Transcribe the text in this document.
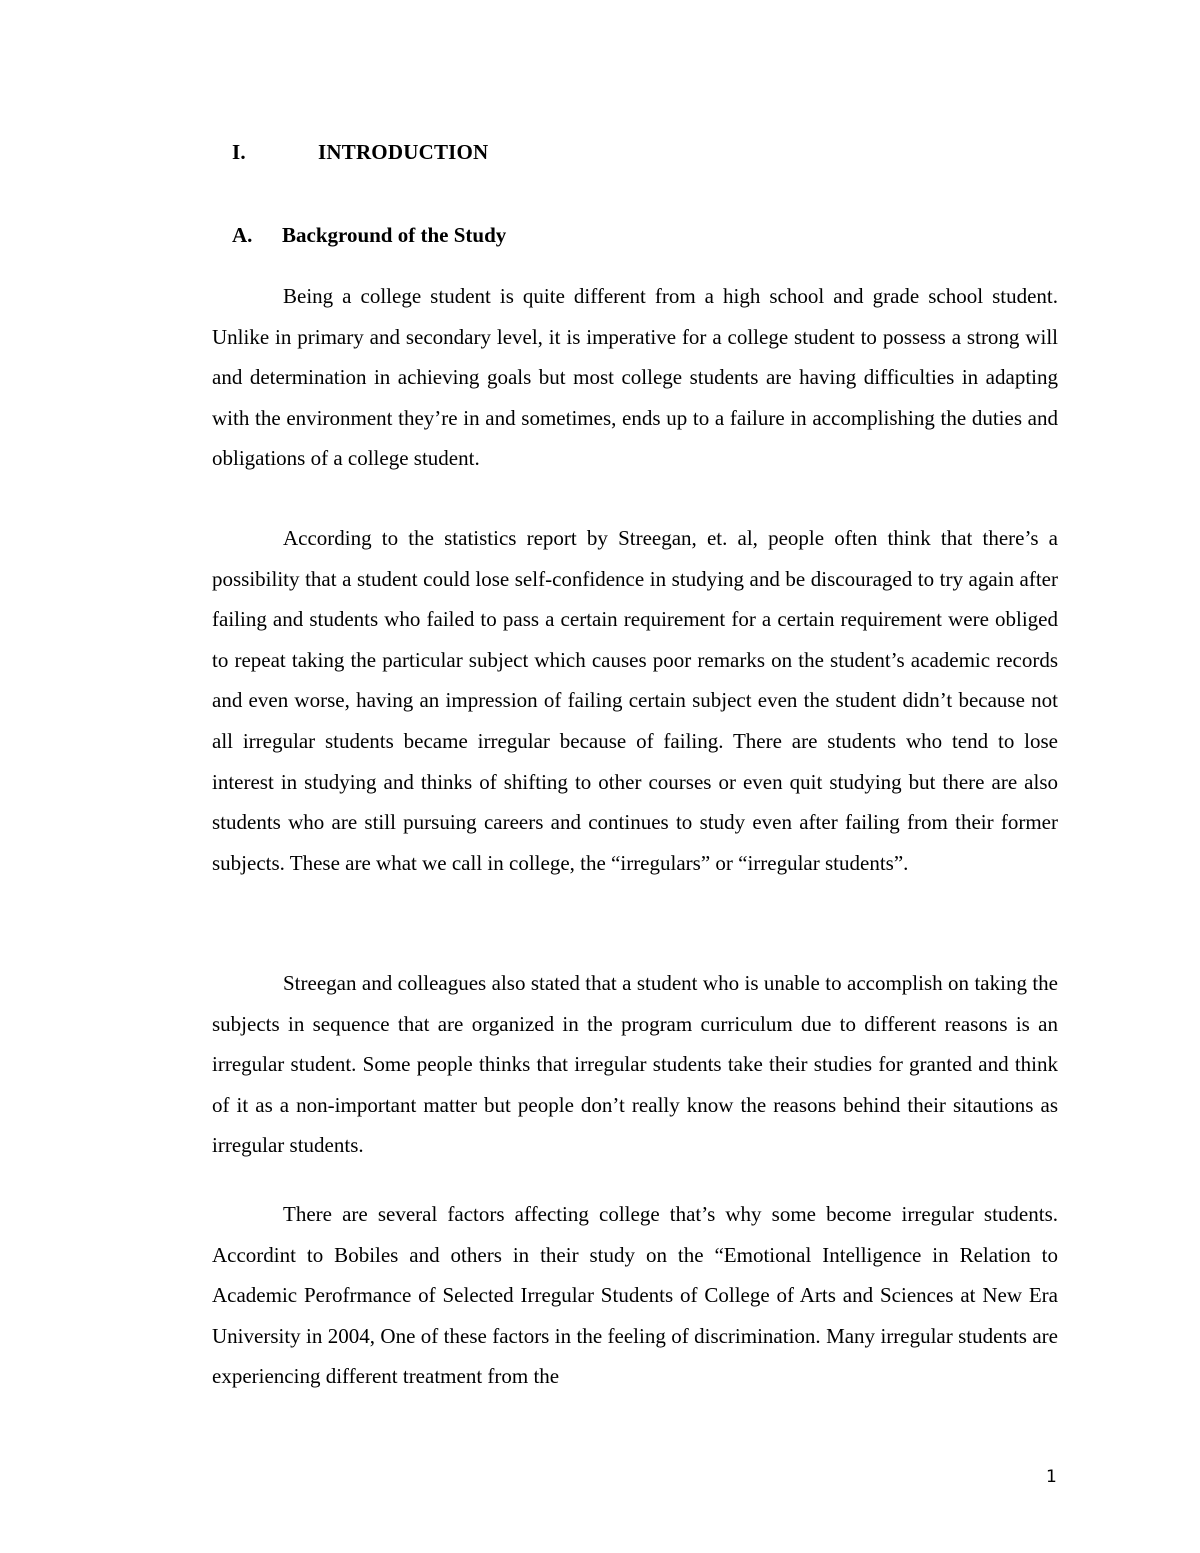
I.	INTRODUCTION
A. Background of the Study

Being a college student is quite different from a high school and grade school student. Unlike in primary and secondary level, it is imperative for a college student to possess a strong will and determination in achieving goals but most college students are having difficulties in adapting with the environment they’re in and sometimes, ends up to a failure in accomplishing the duties and obligations of a college student.

According to the statistics report by Streegan, et. al, people often think that there’s a possibility that a student could lose self-confidence in studying and be discouraged to try again after failing and students who failed to pass a certain requirement for a certain requirement were obliged to repeat taking the particular subject which causes poor remarks on the student’s academic records and even worse, having an impression of failing certain subject even the student didn’t because not all irregular students became irregular because of failing. There are students who tend to lose interest in studying and thinks of shifting to other courses or even quit studying but there are also students who are still pursuing careers and continues to study even after failing from their former subjects. These are what we call in college, the “irregulars” or “irregular students”.

Streegan and colleagues also stated that a student who is unable to accomplish on taking the subjects in sequence that are organized in the program curriculum due to different reasons is an irregular student. Some people thinks that irregular students take their studies for granted and think of it as a non-important matter but people don’t really know the reasons behind their sitautions as irregular students.

There are several factors affecting college that’s why some become irregular students. Accordint to Bobiles and others in their study on the “Emotional Intelligence in Relation to Academic Perofrmance of Selected Irregular Students of College of Arts and Sciences at New Era University in 2004, One of these factors in the feeling of discrimination. Many irregular students are experiencing different treatment from the

1
